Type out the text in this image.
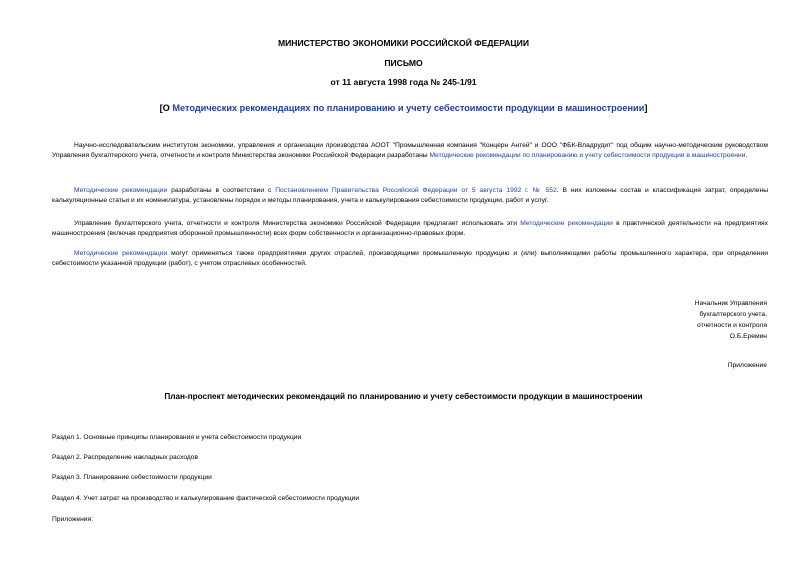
МИНИСТЕРСТВО ЭКОНОМИКИ РОССИЙСКОЙ ФЕДЕРАЦИИ
ПИСЬМО
от 11 августа 1998 года № 245-1/91
[О Методических рекомендациях по планированию и учету себестоимости продукции в машиностроении]
Научно-исследовательским институтом экономики, управления и организации производства АООТ "Промышленная компания "Концерн Антей" и ООО "ФБК-Владрудит" под общим научно-методическим руководством Управления бухгалтерского учета, отчетности и контроля Министерства экономики Российской Федерации разработаны Методические рекомендации по планированию и учету себестоимости продукции в машиностроении.
Методические рекомендации разработаны в соответствии с Постановлением Правительства Российской Федерации от 5 августа 1992 г. № 552. В них изложены состав и классификация затрат, определены калькуляционные статьи и их номенклатура, установлены порядок и методы планирования, учета и калькулирования себестоимости продукции, работ и услуг.
Управление бухгалтерского учета, отчетности и контроля Министерства экономики Российской Федерации предлагает использовать эти Методические рекомендации в практической деятельности на предприятиях машиностроения (включая предприятия оборонной промышленности) всех форм собственности и организационно-правовых форм.
Методические рекомендации могут применяться также предприятиями других отраслей, производящими промышленную продукцию и (или) выполняющими работы промышленного характера, при определении себестоимости указанной продукции (работ), с учетом отраслевых особенностей.
Начальник Управления
бухгалтерского учета,
отчетности и контроля
О.Б.Еремин
Приложение
План-проспект методических рекомендаций по планированию и учету себестоимости продукции в машиностроении
Раздел 1. Основные принципы планирования и учета себестоимости продукции
Раздел 2. Распределение накладных расходов
Раздел 3. Планирование себестоимости продукции
Раздел 4. Учет затрат на производство и калькулирование фактической себестоимости продукции
Приложения:
